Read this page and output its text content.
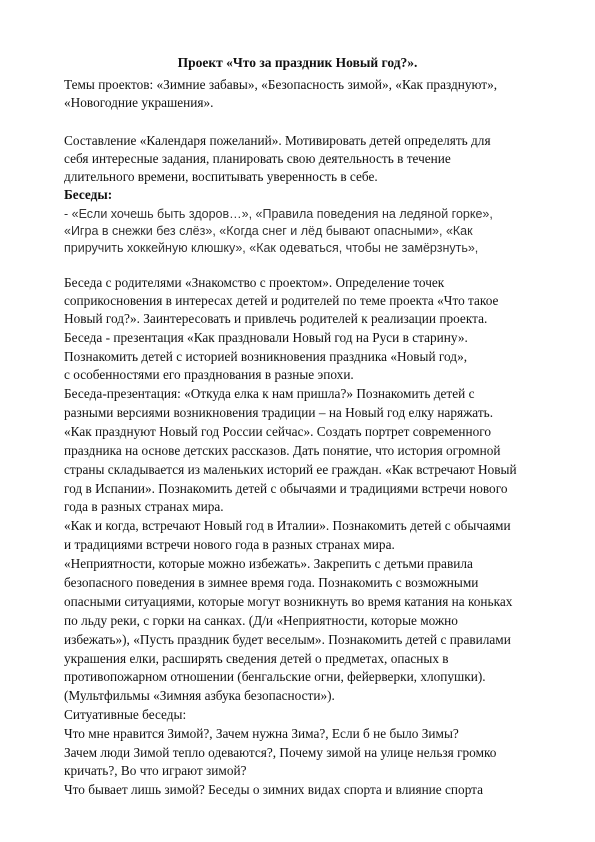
Проект «Что за праздник Новый год?».
Темы проектов: «Зимние забавы», «Безопасность зимой», «Как празднуют»,
«Новогодние украшения».
Составление «Календаря пожеланий». Мотивировать детей определять для
себя интересные задания, планировать свою деятельность в течение
длительного времени, воспитывать уверенность в себе.
Беседы:
- «Если хочешь быть здоров…», «Правила поведения на ледяной горке»,
«Игра в снежки без слёз», «Когда снег и лёд бывают опасными», «Как
приручить хоккейную клюшку», «Как одеваться, чтобы не замёрзнуть»,
Беседа с родителями «Знакомство с проектом». Определение точек
соприкосновения в интересах детей и родителей по теме проекта «Что такое
Новый год?». Заинтересовать и привлечь родителей к реализации проекта.
Беседа - презентация «Как праздновали Новый год на Руси в старину».
Познакомить детей с историей возникновения праздника «Новый год»,
с особенностями его празднования в разные эпохи.
Беседа-презентация: «Откуда елка к нам пришла?» Познакомить детей с
разными версиями возникновения традиции – на Новый год елку наряжать.
«Как празднуют Новый год России сейчас». Создать портрет современного
праздника на основе детских рассказов. Дать понятие, что история огромной
страны складывается из маленьких историй ее граждан. «Как встречают Новый
год в Испании». Познакомить детей с обычаями и традициями встречи нового
года в разных странах мира.
«Как и когда, встречают Новый год в Италии». Познакомить детей с обычаями
и традициями встречи нового года в разных странах мира.
«Неприятности, которые можно избежать». Закрепить с детьми правила
безопасного поведения в зимнее время года. Познакомить с возможными
опасными ситуациями, которые могут возникнуть во время катания на коньках
по льду реки, с горки на санках. (Д/и «Неприятности, которые можно
избежать»), «Пусть праздник будет веселым». Познакомить детей с правилами
украшения елки, расширять сведения детей о предметах, опасных в
противопожарном отношении (бенгальские огни, фейерверки, хлопушки).
(Мультфильмы «Зимняя азбука безопасности»).
Ситуативные беседы:
Что мне нравится Зимой?, Зачем нужна Зима?, Если б не было Зимы?
Зачем люди Зимой тепло одеваются?, Почему зимой на улице нельзя громко
кричать?, Во что играют зимой?
Что бывает лишь зимой? Беседы о зимних видах спорта и влияние спорта
